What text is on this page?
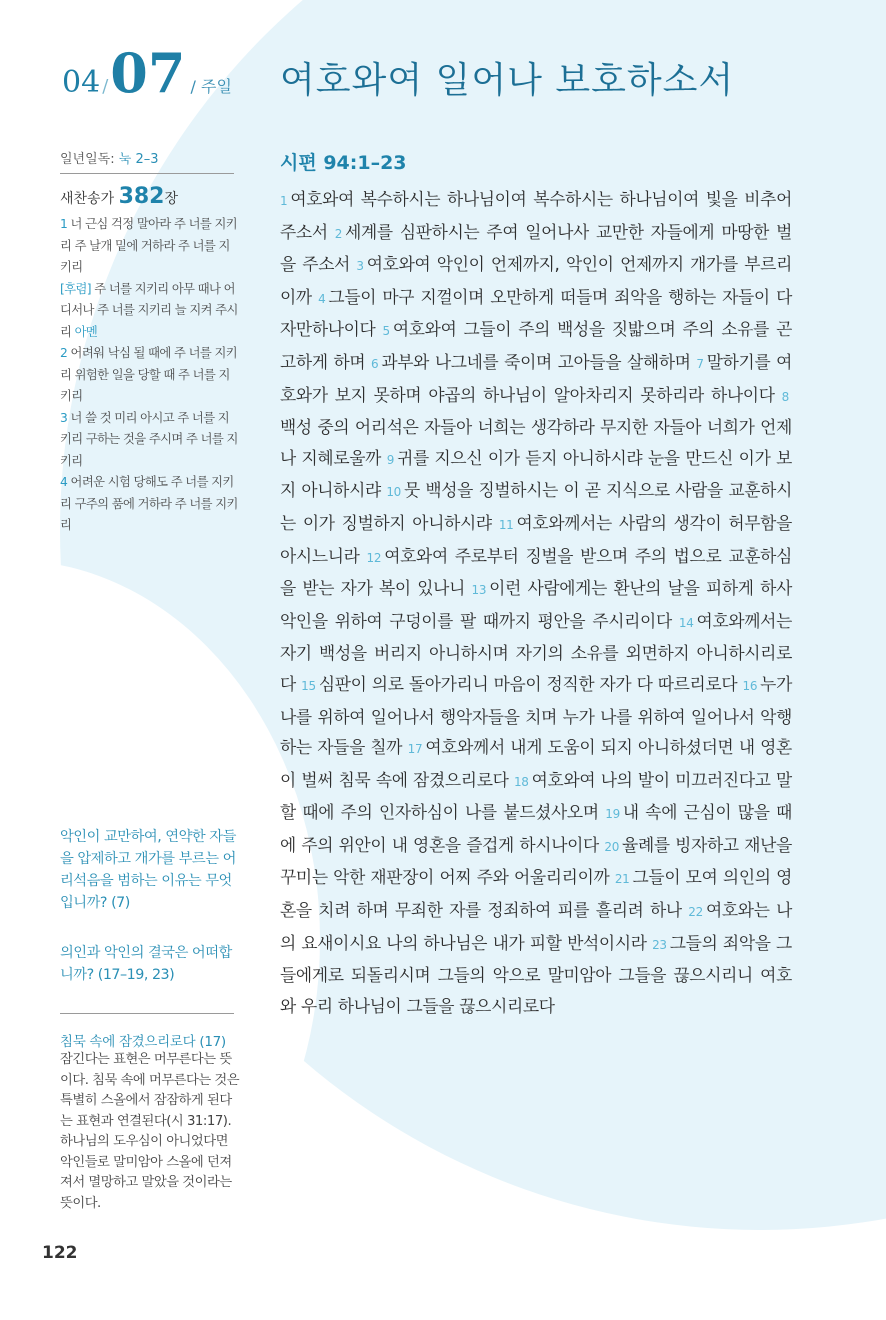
04 /07 / 주일 여호와여 일어나 보호하소서
일년일독: 눅 2–3
새찬송가 382장

1 너 근심 걱정 말아라 주 너를 지키리 주 날개 밑에 거하라 주 너를 지키리

[후렴] 주 너를 지키리 아무 때나 어디서나 주 너를 지키리 늘 지켜 주시리 아멘

2 어려워 낙심 될 때에 주 너를 지키리 위험한 일을 당할 때 주 너를 지키리

3 너 쓸 것 미리 아시고 주 너를 지키리 구하는 것을 주시며 주 너를 지키리

4 어려운 시험 당해도 주 너를 지키리 구주의 품에 거하라 주 너를 지키리

악인이 교만하여, 연약한 자들을 압제하고 개가를 부르는 어리석음을 범하는 이유는 무엇입니까? (7)
의인과 악인의 결국은 어떠합니까? (17–19, 23)
침묵 속에 잠겼으리로다 (17)
잠긴다는 표현은 머무른다는 뜻이다. 침묵 속에 머무른다는 것은 특별히 스올에서 잠잠하게 된다는 표현과 연결된다(시 31:17). 하나님의 도우심이 아니었다면 악인들로 말미암아 스올에 던져져서 멸망하고 말았을 것이라는 뜻이다.
122
시편 94:1–23

1 여호와여 복수하시는 하나님이여 복수하시는 하나님이여 빛을 비추어 주소서 2 세계를 심판하시는 주여 일어나사 교만한 자들에게 마땅한 벌을 주소서 3 여호와여 악인이 언제까지, 악인이 언제까지 개가를 부르리이까 4 그들이 마구 지껄이며 오만하게 떠들며 죄악을 행하는 자들이 다 자만하나이다 5 여호와여 그들이 주의 백성을 짓밟으며 주의 소유를 곤고하게 하며 6 과부와 나그네를 죽이며 고아들을 살해하며 7 말하기를 여호와가 보지 못하며 야곱의 하나님이 알아차리지 못하리라 하나이다 8백성 중의 어리석은 자들아 너희는 생각하라 무지한 자들아 너희가 언제나 지혜로울까 9 귀를 지으신 이가 듣지 아니하시랴 눈을 만드신 이가 보지 아니하시랴 10 뭇 백성을 징벌하시는 이 곧 지식으로 사람을 교훈하시는 이가 징벌하지 아니하시랴 11 여호와께서는 사람의 생각이 허무함을 아시느니라 12 여호와여 주로부터 징벌을 받으며 주의 법으로 교훈하심을 받는 자가 복이 있나니 13 이런 사람에게는 환난의 날을 피하게 하사 악인을 위하여 구덩이를 팔 때까지 평안을 주시리이다 14 여호와께서는 자기 백성을 버리지 아니하시며 자기의 소유를 외면하지 아니하시리로다 15 심판이 의로 돌아가리니 마음이 정직한 자가 다 따르리로다 16 누가 나를 위하여 일어나서 행악자들을 치며 누가 나를 위하여 일어나서 악행하는 자들을 칠까 17 여호와께서 내게 도움이 되지 아니하셨더면 내 영혼이 벌써 침묵 속에 잠겼으리로다 18 여호와여 나의 발이 미끄러진다고 말할 때에 주의 인자하심이 나를 붙드셨사오며 19 내 속에 근심이 많을 때에 주의 위안이 내 영혼을 즐겁게 하시나이다 20 율례를 빙자하고 재난을 꾸미는 악한 재판장이 어찌 주와 어울리리이까 21 그들이 모여 의인의 영혼을 치려 하며 무죄한 자를 정죄하여 피를 흘리려 하나 22 여호와는 나의 요새이시요 나의 하나님은 내가 피할 반석이시라 23 그들의 죄악을 그들에게로 되돌리시며 그들의 악으로 말미암아 그들을 끊으시리니 여호와 우리 하나님이 그들을 끊으시리로다
